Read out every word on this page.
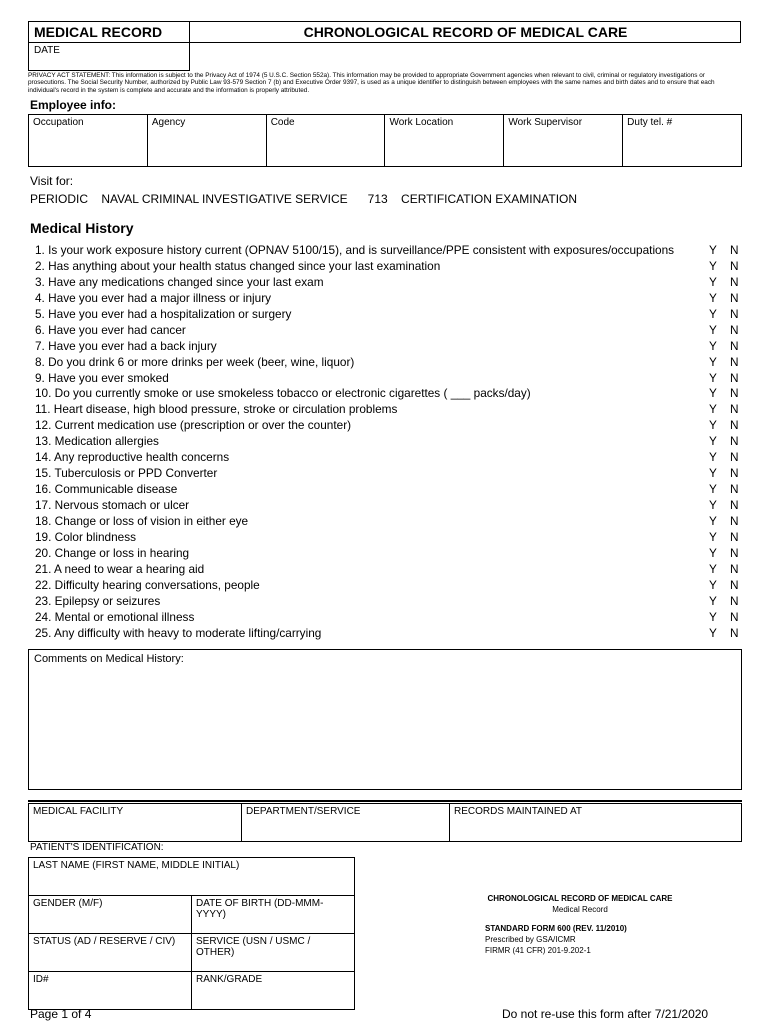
MEDICAL RECORD	CHRONOLOGICAL RECORD OF MEDICAL CARE
DATE
PRIVACY ACT STATEMENT: This information is subject to the Privacy Act of 1974 (5 U.S.C. Section 552a). This information may be provided to appropriate Government agencies when relevant to civil, criminal or regulatory investigations or prosecutions. The Social Security Number, authorized by Public Law 93-579 Section 7 (b) and Executive Order 9397, is used as a unique identifier to distinguish between employees with the same names and birth dates and to ensure that each individual's record in the system is complete and accurate and the information is properly attributed.
Employee info:
Occupation	Agency	Code	Work Location	Work Supervisor	Duty tel. #
Visit for:
PERIODIC NAVAL CRIMINAL INVESTIGATIVE SERVICE 713 CERTIFICATION EXAMINATION
Medical History
1. Is your work exposure history current (OPNAV 5100/15), and is surveillance/PPE consistent with exposures/occupations	Y N
2. Has anything about your health status changed since your last examination	Y N
3. Have any medications changed since your last exam	Y N
4. Have you ever had a major illness or injury	Y N
5. Have you ever had a hospitalization or surgery	Y N
6. Have you ever had cancer	Y N
7. Have you ever had a back injury	Y N
8. Do you drink 6 or more drinks per week (beer, wine, liquor)	Y N
9. Have you ever smoked	Y N
10. Do you currently smoke or use smokeless tobacco or electronic cigarettes ( ___ packs/day)	Y N
11. Heart disease, high blood pressure, stroke or circulation problems	Y N
12. Current medication use (prescription or over the counter)	Y N
13. Medication allergies	Y N
14. Any reproductive health concerns	Y N
15. Tuberculosis or PPD Converter	Y N
16. Communicable disease	Y N
17. Nervous stomach or ulcer	Y N
18. Change or loss of vision in either eye	Y N
19. Color blindness	Y N
20. Change or loss in hearing	Y N
21. A need to wear a hearing aid	Y N
22. Difficulty hearing conversations, people	Y N
23. Epilepsy or seizures	Y N
24. Mental or emotional illness	Y N
25. Any difficulty with heavy to moderate lifting/carrying	Y N
Comments on Medical History:
MEDICAL FACILITY	DEPARTMENT/SERVICE	RECORDS MAINTAINED AT
PATIENT'S IDENTIFICATION:
LAST NAME (FIRST NAME, MIDDLE INITIAL)	
GENDER (M/F)	DATE OF BIRTH (DD-MMM-YYYY)
STATUS (AD / RESERVE / CIV)	SERVICE (USN / USMC / OTHER)
ID#	RANK/GRADE
CHRONOLOGICAL RECORD OF MEDICAL CARE
Medical Record
STANDARD FORM 600 (REV. 11/2010)
Prescribed by GSA/ICMR
FIRMR (41 CFR) 201-9.202-1
Page 1 of 4	Do not re-use this form after 7/21/2020
